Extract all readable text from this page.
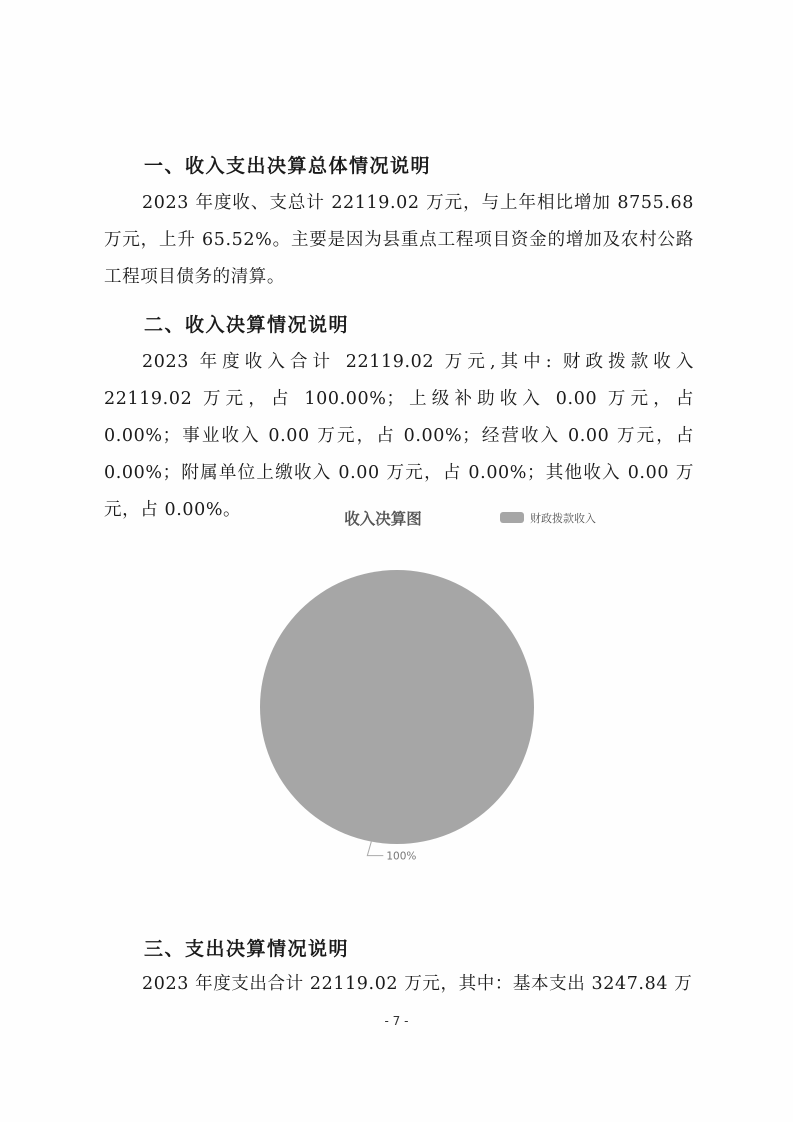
一、收入支出决算总体情况说明

2023 年度收、支总计 22119.02 万元，与上年相比增加 8755.68 万元，上升 65.52%。主要是因为县重点工程项目资金的增加及农村公路工程项目债务的清算。

二、收入决算情况说明

2023 年度收入合计 22119.02 万元,其中: 财政拨款收入 22119.02 万元，占 100.00%；上级补助收入 0.00 万元，占 0.00%；事业收入 0.00 万元，占 0.00%；经营收入 0.00 万元，占 0.00%；附属单位上缴收入 0.00 万元，占 0.00%；其他收入 0.00 万元，占 0.00%。	收入决算图	财政拨款收入
100%
三、支出决算情况说明

2023 年度支出合计 22119.02 万元，其中：基本支出 3247.84 万

- 7 -
